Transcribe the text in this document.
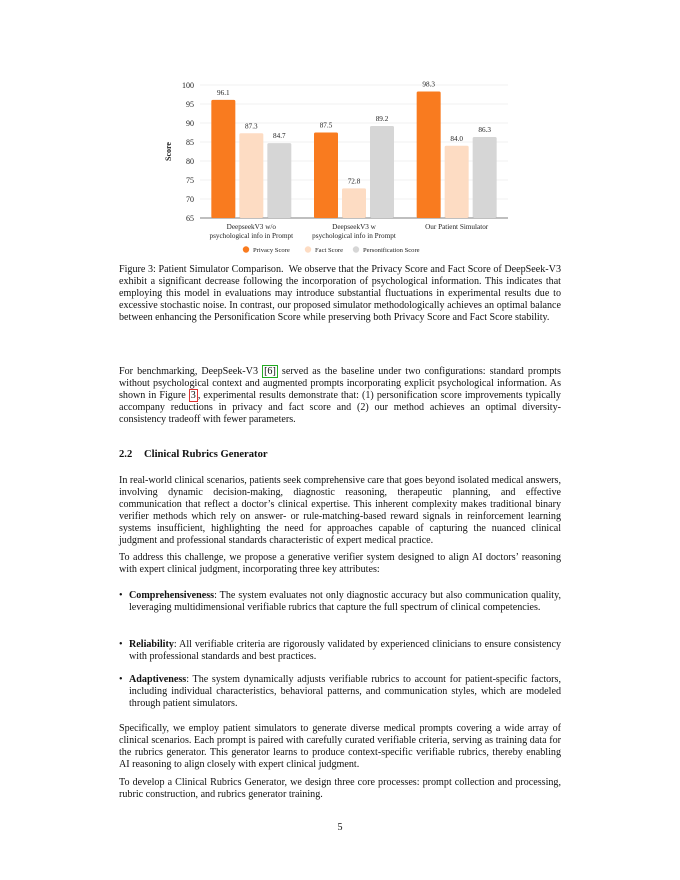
65
70
75
80
85
90
95
100
Score
96.1
87.3
84.7
DeepseekV3 w/o
psychological info in Prompt
87.5
72.8
89.2
DeepseekV3 w
psychological info in Prompt
98.3
84.0
86.3
Our Patient Simulator
Privacy Score	Fact Score	Personification Score

Figure 3: Patient Simulator Comparison. We observe that the Privacy Score and Fact Score of DeepSeek-V3 exhibit a significant decrease following the incorporation of psychological information. This indicates that employing this model in evaluations may introduce substantial fluctuations in experimental results due to excessive stochastic noise. In contrast, our proposed simulator methodologically achieves an optimal balance between enhancing the Personification Score while preserving both Privacy Score and Fact Score stability.

For benchmarking, DeepSeek-V3 [6] served as the baseline under two configurations: standard prompts without psychological context and augmented prompts incorporating explicit psychological information. As shown in Figure 3 , experimental results demonstrate that: (1) personification score improvements typically accompany reductions in privacy and fact score and (2) our method achieves an optimal diversity-consistency tradeoff with fewer parameters.

2.2 Clinical Rubrics Generator

In real-world clinical scenarios, patients seek comprehensive care that goes beyond isolated medical answers, involving dynamic decision-making, diagnostic reasoning, therapeutic planning, and effective communication that reflect a doctor’s clinical expertise. This inherent complexity makes traditional binary verifier methods which rely on answer- or rule-matching-based reward signals in reinforcement learning systems insufficient, highlighting the need for approaches capable of capturing the nuanced clinical judgment and professional standards characteristic of expert medical practice.

To address this challenge, we propose a generative verifier system designed to align AI doctors’ reasoning with expert clinical judgment, incorporating three key attributes:

• Comprehensiveness: The system evaluates not only diagnostic accuracy but also communication quality, leveraging multidimensional verifiable rubrics that capture the full spectrum of clinical competencies.
• Reliability: All verifiable criteria are rigorously validated by experienced clinicians to ensure consistency with professional standards and best practices.
• Adaptiveness: The system dynamically adjusts verifiable rubrics to account for patient-specific factors, including individual characteristics, behavioral patterns, and communication styles, which are modeled through patient simulators.

Specifically, we employ patient simulators to generate diverse medical prompts covering a wide array of clinical scenarios. Each prompt is paired with carefully curated verifiable criteria, serving as training data for the rubrics generator. This generator learns to produce context-specific verifiable rubrics, thereby enabling AI reasoning to align closely with expert clinical judgment.

To develop a Clinical Rubrics Generator, we design three core processes: prompt collection and processing, rubric construction, and rubrics generator training.

5
